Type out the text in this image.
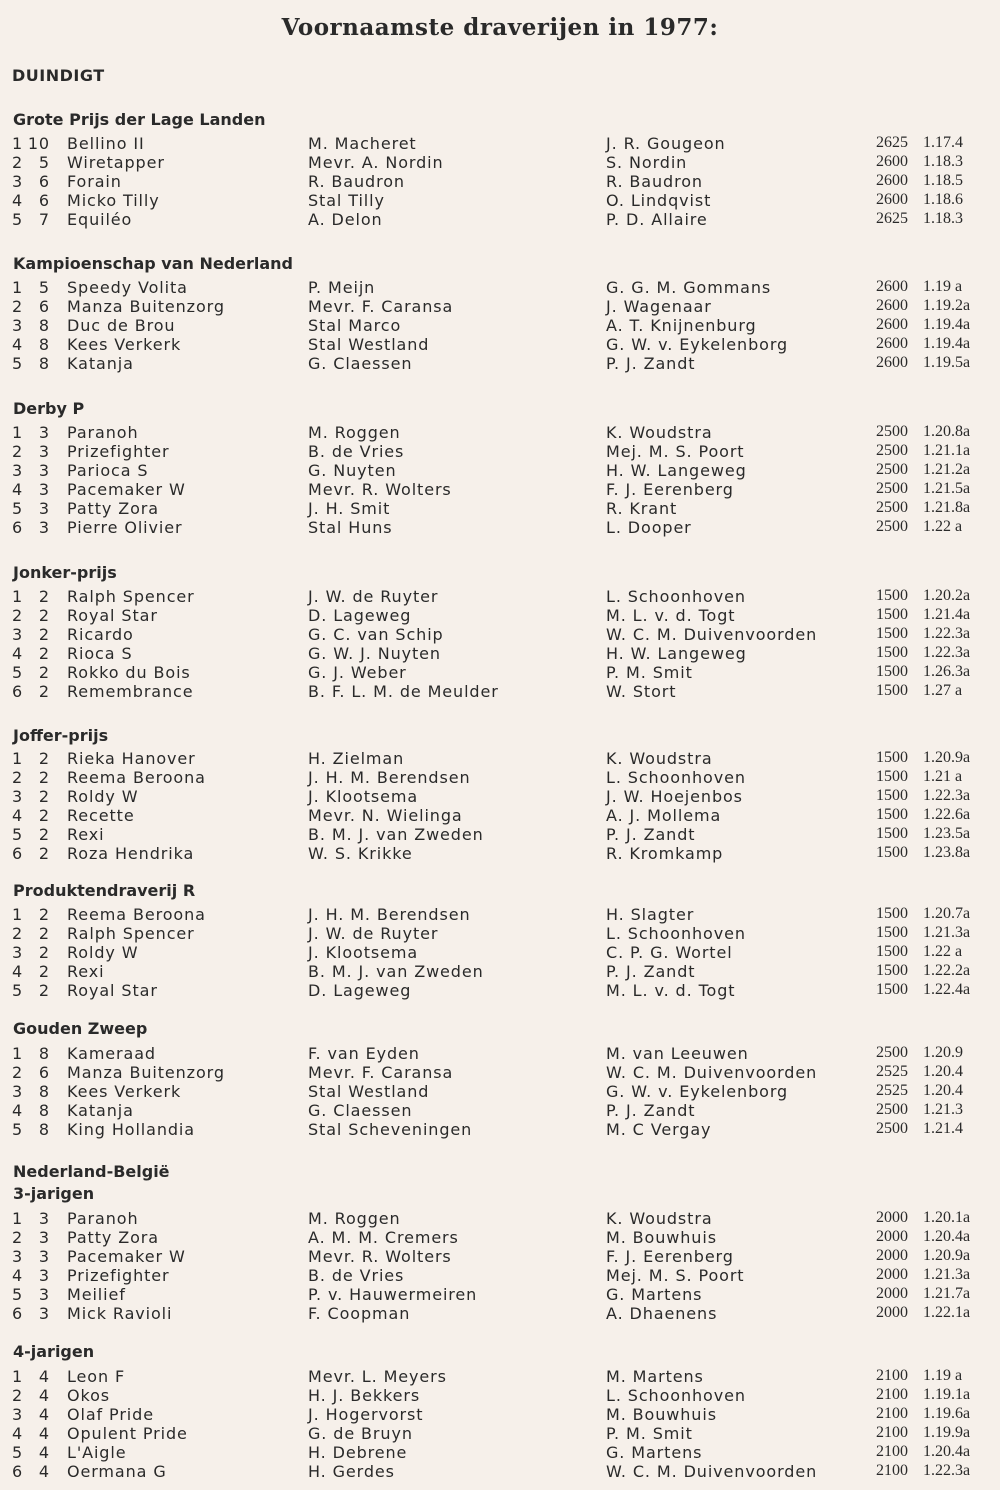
Voornaamste draverijen in 1977:
DUINDIGT
Grote Prijs der Lage Landen
1 10 Bellino II	M. Macheret	J. R. Gougeon	2625 1.17.4
2 5 Wiretapper	Mevr. A. Nordin	S. Nordin	2600 1.18.3
3 6 Forain	R. Baudron	R. Baudron	2600 1.18.5
4 6 Micko Tilly	Stal Tilly	O. Lindqvist	2600 1.18.6
5 7 Equiléo	A. Delon	P. D. Allaire	2625 1.18.3
Kampioenschap van Nederland
1 5 Speedy Volita	P. Meijn	G. G. M. Gommans	2600 1.19 a
2 6 Manza Buitenzorg	Mevr. F. Caransa	J. Wagenaar	2600 1.19.2a
3 8 Duc de Brou	Stal Marco	A. T. Knijnenburg	2600 1.19.4a
4 8 Kees Verkerk	Stal Westland	G. W. v. Eykelenborg	2600 1.19.4a
5 8 Katanja	G. Claessen	P. J. Zandt	2600 1.19.5a
Derby P
1 3 Paranoh	M. Roggen	K. Woudstra	2500 1.20.8a
2 3 Prizefighter	B. de Vries	Mej. M. S. Poort	2500 1.21.1a
3 3 Parioca S	G. Nuyten	H. W. Langeweg	2500 1.21.2a
4 3 Pacemaker W	Mevr. R. Wolters	F. J. Eerenberg	2500 1.21.5a
5 3 Patty Zora	J. H. Smit	R. Krant	2500 1.21.8a
6 3 Pierre Olivier	Stal Huns	L. Dooper	2500 1.22 a
Jonker-prijs
1 2 Ralph Spencer	J. W. de Ruyter	L. Schoonhoven	1500 1.20.2a
2 2 Royal Star	D. Lageweg	M. L. v. d. Togt	1500 1.21.4a
3 2 Ricardo	G. C. van Schip	W. C. M. Duivenvoorden	1500 1.22.3a
4 2 Rioca S	G. W. J. Nuyten	H. W. Langeweg	1500 1.22.3a
5 2 Rokko du Bois	G. J. Weber	P. M. Smit	1500 1.26.3a
6 2 Remembrance	B. F. L. M. de Meulder	W. Stort	1500 1.27 a
Joffer-prijs
1 2 Rieka Hanover	H. Zielman	K. Woudstra	1500 1.20.9a
2 2 Reema Beroona	J. H. M. Berendsen	L. Schoonhoven	1500 1.21 a
3 2 Roldy W	J. Klootsema	J. W. Hoejenbos	1500 1.22.3a
4 2 Recette	Mevr. N. Wielinga	A. J. Mollema	1500 1.22.6a
5 2 Rexi	B. M. J. van Zweden	P. J. Zandt	1500 1.23.5a
6 2 Roza Hendrika	W. S. Krikke	R. Kromkamp	1500 1.23.8a
Produktendraverij R
1 2 Reema Beroona	J. H. M. Berendsen	H. Slagter	1500 1.20.7a
2 2 Ralph Spencer	J. W. de Ruyter	L. Schoonhoven	1500 1.21.3a
3 2 Roldy W	J. Klootsema	C. P. G. Wortel	1500 1.22 a
4 2 Rexi	B. M. J. van Zweden	P. J. Zandt	1500 1.22.2a
5 2 Royal Star	D. Lageweg	M. L. v. d. Togt	1500 1.22.4a
Gouden Zweep
1 8 Kameraad	F. van Eyden	M. van Leeuwen	2500 1.20.9
2 6 Manza Buitenzorg	Mevr. F. Caransa	W. C. M. Duivenvoorden	2525 1.20.4
3 8 Kees Verkerk	Stal Westland	G. W. v. Eykelenborg	2525 1.20.4
4 8 Katanja	G. Claessen	P. J. Zandt	2500 1.21.3
5 8 King Hollandia	Stal Scheveningen	M. C Vergay	2500 1.21.4
Nederland-België
3-jarigen
1 3 Paranoh	M. Roggen	K. Woudstra	2000 1.20.1a
2 3 Patty Zora	A. M. M. Cremers	M. Bouwhuis	2000 1.20.4a
3 3 Pacemaker W	Mevr. R. Wolters	F. J. Eerenberg	2000 1.20.9a
4 3 Prizefighter	B. de Vries	Mej. M. S. Poort	2000 1.21.3a
5 3 Meilief	P. v. Hauwermeiren	G. Martens	2000 1.21.7a
6 3 Mick Ravioli	F. Coopman	A. Dhaenens	2000 1.22.1a
4-jarigen
1 4 Leon F	Mevr. L. Meyers	M. Martens	2100 1.19 a
2 4 Okos	H. J. Bekkers	L. Schoonhoven	2100 1.19.1a
3 4 Olaf Pride	J. Hogervorst	M. Bouwhuis	2100 1.19.6a
4 4 Opulent Pride	G. de Bruyn	P. M. Smit	2100 1.19.9a
5 4 L'Aigle	H. Debrene	G. Martens	2100 1.20.4a
6 4 Oermana G	H. Gerdes	W. C. M. Duivenvoorden	2100 1.22.3a
